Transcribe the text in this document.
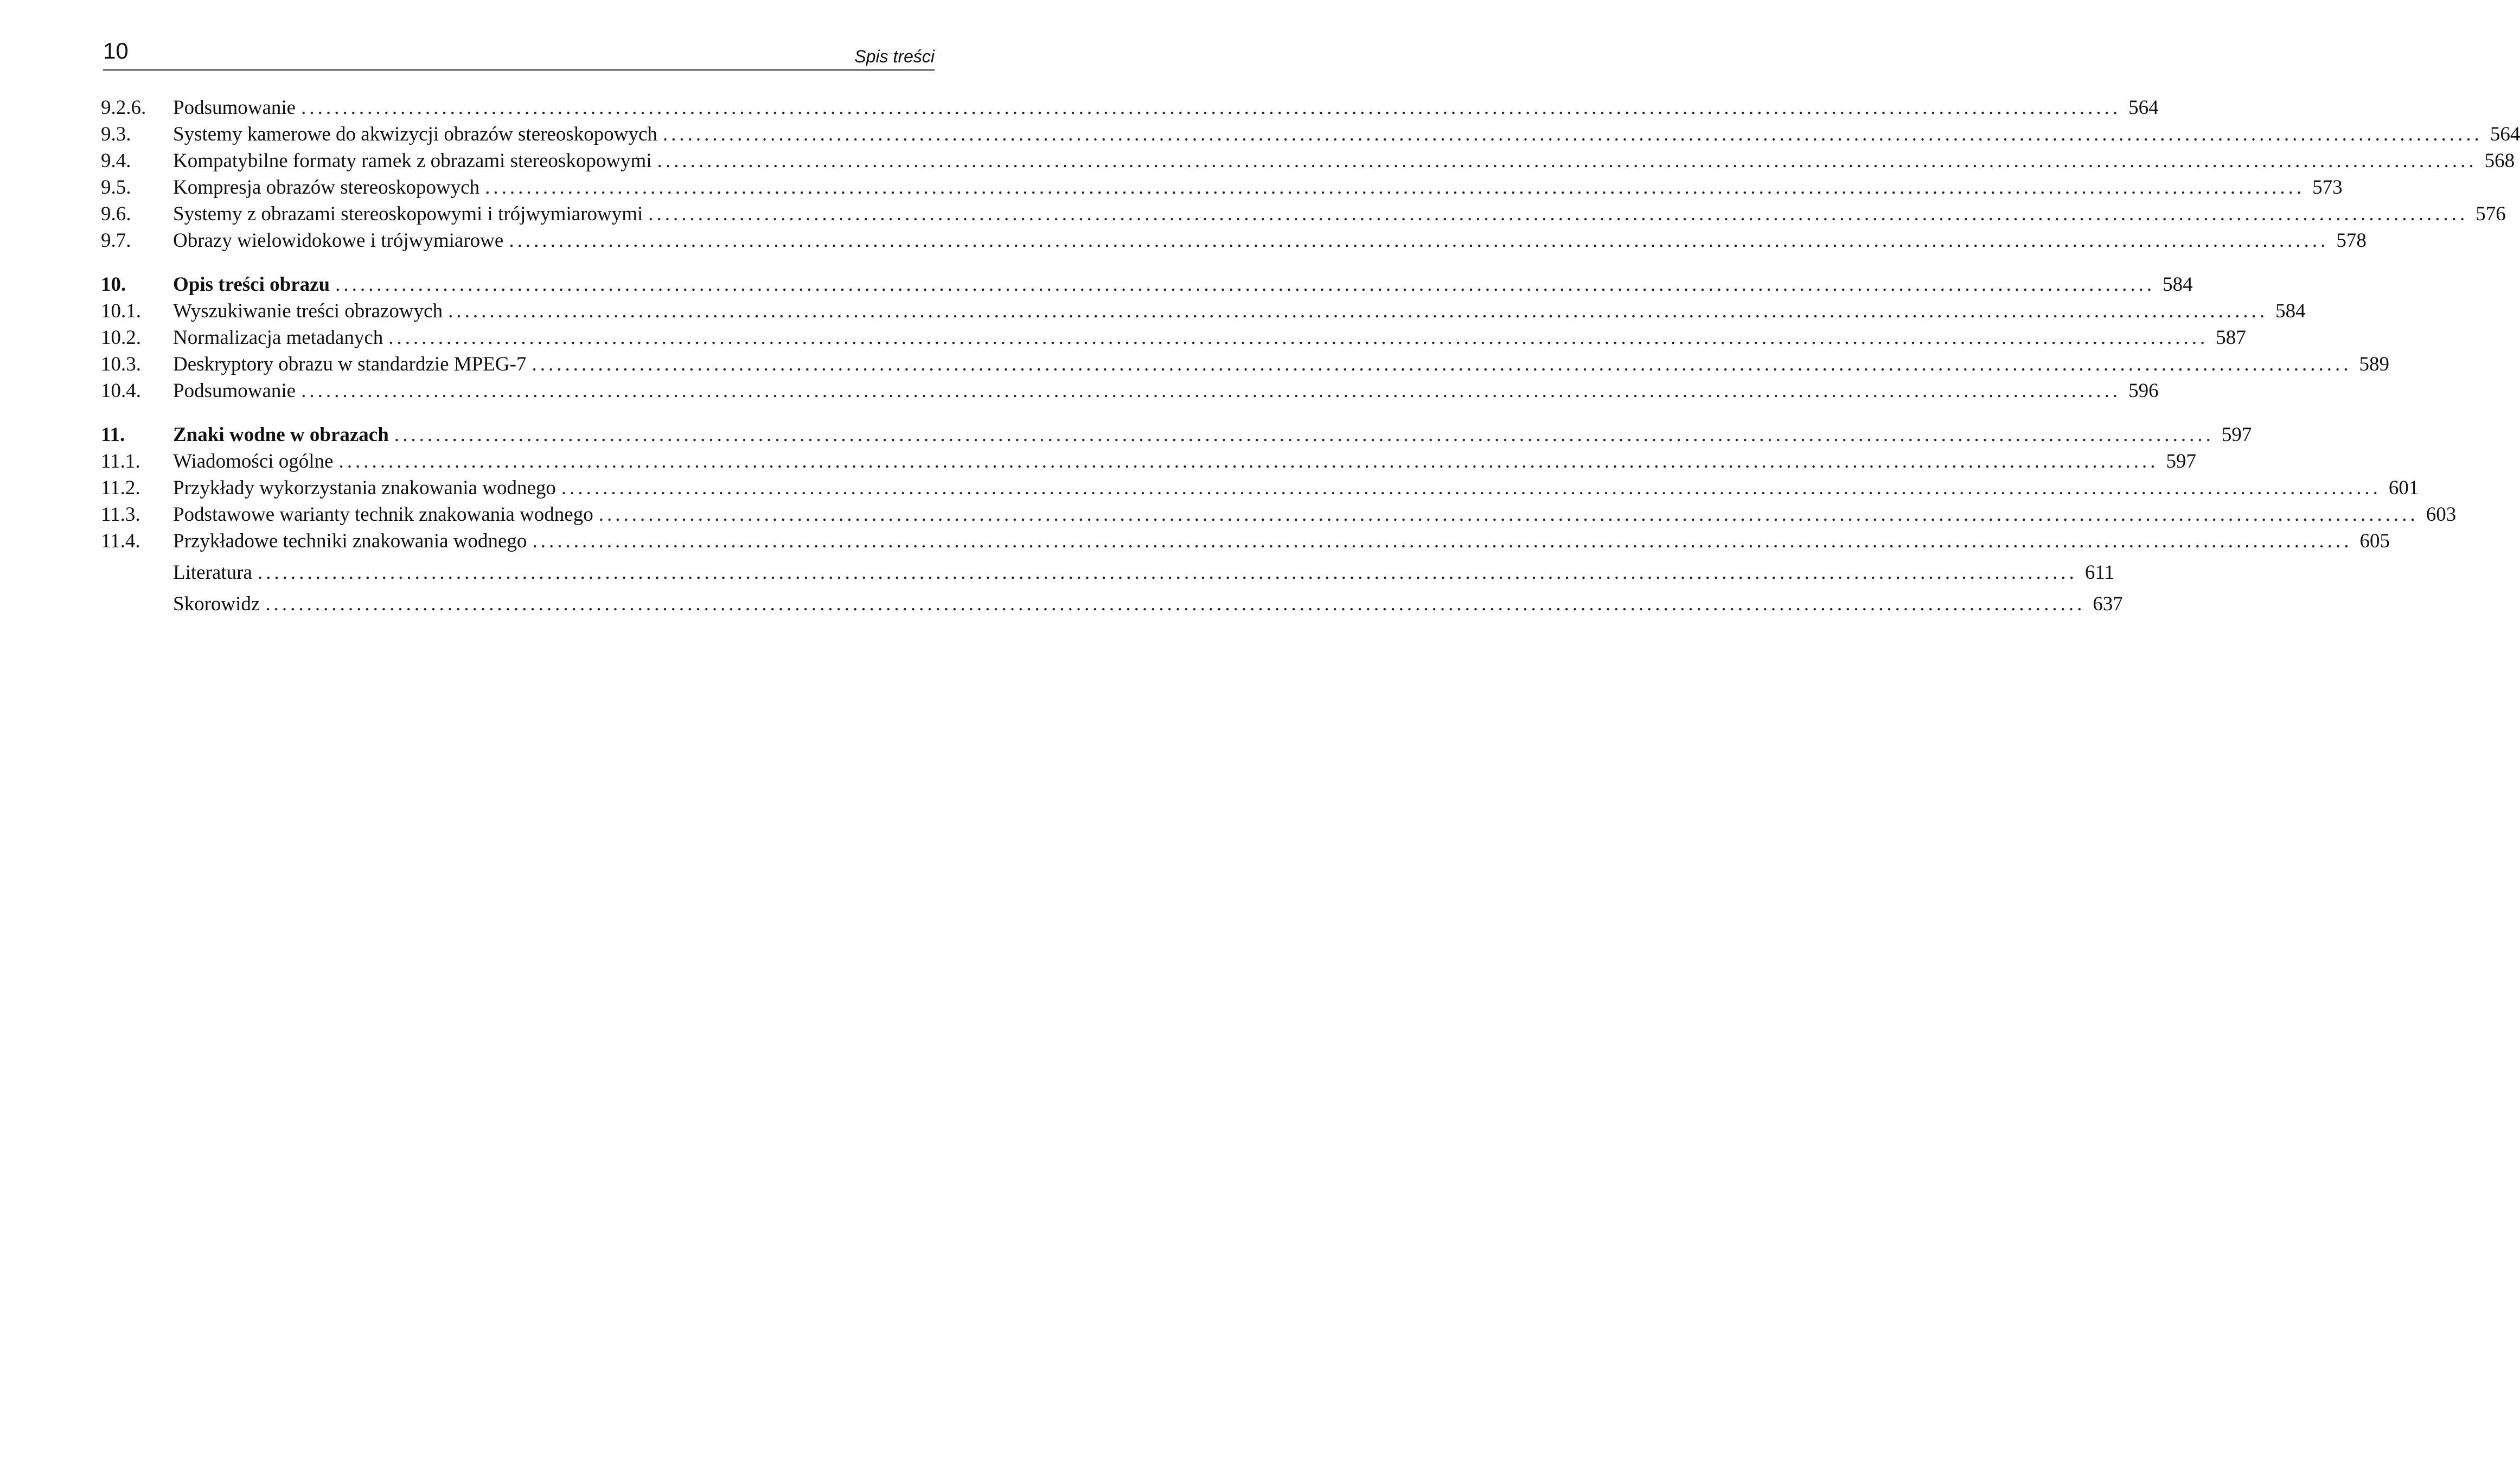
10	Spis treści
9.2.6.	Podsumowanie ............................................................................................................................................................................................................................ 564
9.3.	Systemy kamerowe do akwizycji obrazów stereoskopowych ............................................................................................................................................................................................................................ 564
9.4.	Kompatybilne formaty ramek z obrazami stereoskopowymi ............................................................................................................................................................................................................................ 568
9.5.	Kompresja obrazów stereoskopowych ............................................................................................................................................................................................................................ 573
9.6.	Systemy z obrazami stereoskopowymi i trójwymiarowymi ............................................................................................................................................................................................................................ 576
9.7.	Obrazy wielowidokowe i trójwymiarowe ............................................................................................................................................................................................................................ 578
10.	Opis treści obrazu ............................................................................................................................................................................................................................ 584
10.1.	Wyszukiwanie treści obrazowych ............................................................................................................................................................................................................................ 584
10.2.	Normalizacja metadanych ............................................................................................................................................................................................................................ 587
10.3.	Deskryptory obrazu w standardzie MPEG-7 ............................................................................................................................................................................................................................ 589
10.4.	Podsumowanie ............................................................................................................................................................................................................................ 596
11.	Znaki wodne w obrazach ............................................................................................................................................................................................................................ 597
11.1.	Wiadomości ogólne ............................................................................................................................................................................................................................ 597
11.2.	Przykłady wykorzystania znakowania wodnego ............................................................................................................................................................................................................................ 601
11.3.	Podstawowe warianty technik znakowania wodnego ............................................................................................................................................................................................................................ 603
11.4.	Przykładowe techniki znakowania wodnego ............................................................................................................................................................................................................................ 605
Literatura ............................................................................................................................................................................................................................ 611
Skorowidz ............................................................................................................................................................................................................................ 637
